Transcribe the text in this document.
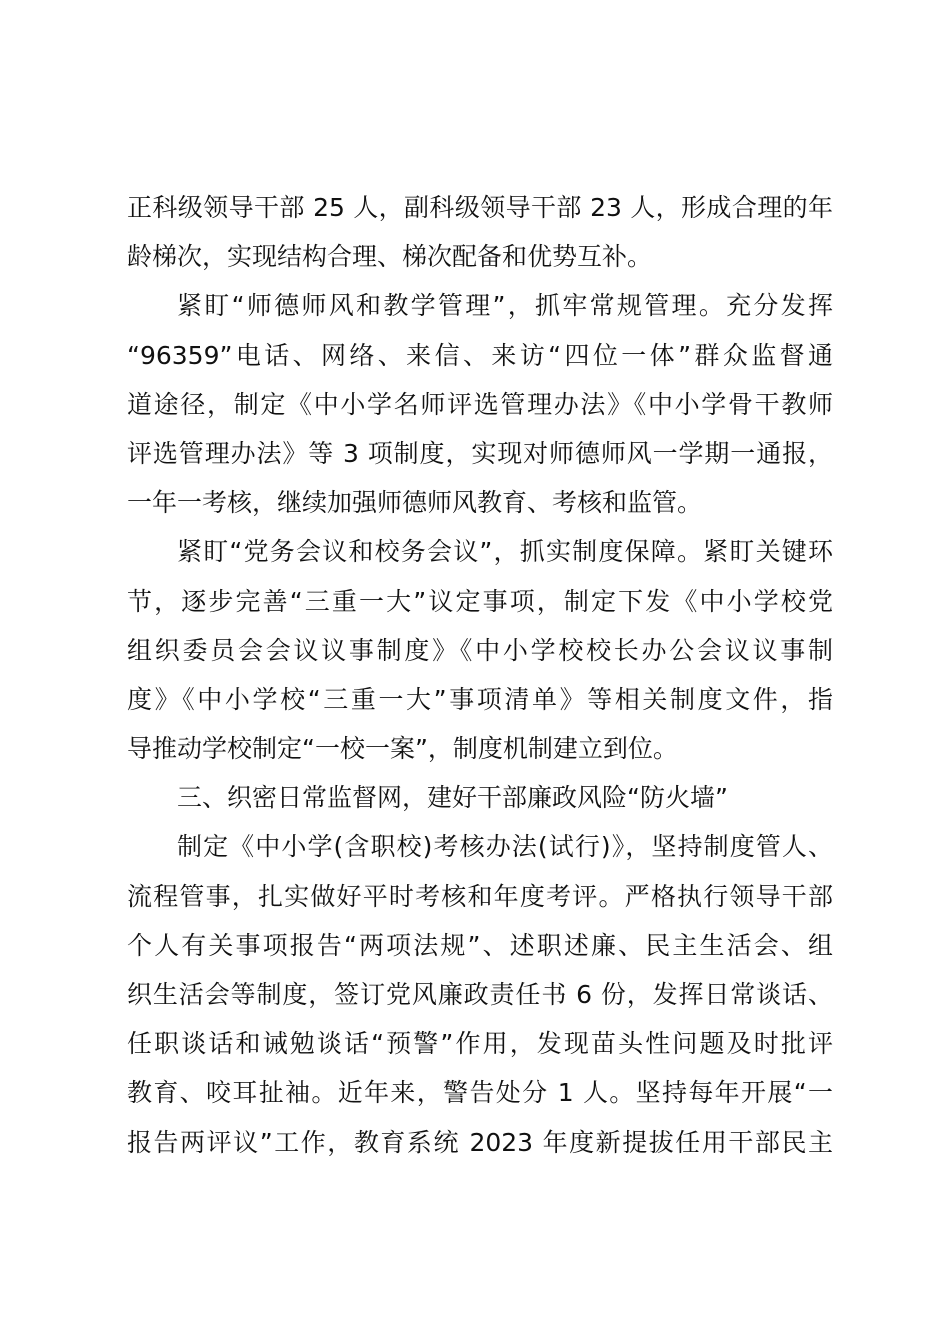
正科级领导干部 25 人，副科级领导干部 23 人，形成合理的年
龄梯次，实现结构合理、梯次配备和优势互补。
紧盯“师德师风和教学管理”，抓牢常规管理。充分发挥
“96359”电话、网络、来信、来访“四位一体”群众监督通
道途径，制定《中小学名师评选管理办法》《中小学骨干教师
评选管理办法》等 3 项制度，实现对师德师风一学期一通报，
一年一考核，继续加强师德师风教育、考核和监管。
紧盯“党务会议和校务会议”，抓实制度保障。紧盯关键环
节，逐步完善“三重一大”议定事项，制定下发《中小学校党
组织委员会会议议事制度》《中小学校校长办公会议议事制
度》《中小学校“三重一大”事项清单》等相关制度文件，指
导推动学校制定“一校一案”，制度机制建立到位。
三、织密日常监督网，建好干部廉政风险“防火墙”
制定《中小学(含职校)考核办法(试行)》，坚持制度管人、
流程管事，扎实做好平时考核和年度考评。严格执行领导干部
个人有关事项报告“两项法规”、述职述廉、民主生活会、组
织生活会等制度，签订党风廉政责任书 6 份，发挥日常谈话、
任职谈话和诫勉谈话“预警”作用，发现苗头性问题及时批评
教育、咬耳扯袖。近年来，警告处分 1 人。坚持每年开展“一
报告两评议”工作，教育系统 2023 年度新提拔任用干部民主
